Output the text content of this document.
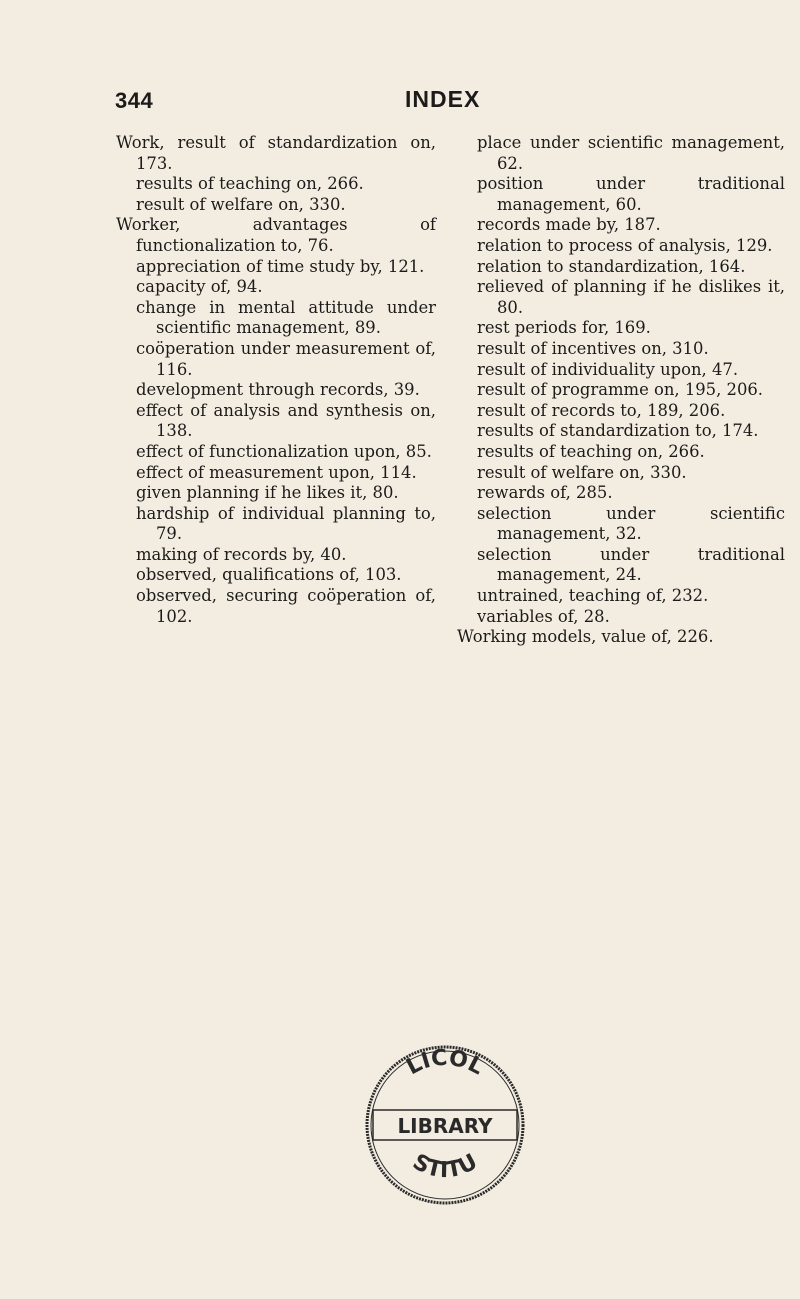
344	INDEX
Work, result of standardization on, 173.
results of teaching on, 266.
result of welfare on, 330.
Worker, advantages of functionalization to, 76.
appreciation of time study by, 121.
capacity of, 94.
change in mental attitude under scientific management, 89.
coöperation under measurement of, 116.
development through records, 39.
effect of analysis and synthesis on, 138.
effect of functionalization upon, 85.
effect of measurement upon, 114.
given planning if he likes it, 80.
hardship of individual planning to, 79.
making of records by, 40.
observed, qualifications of, 103.
observed, securing coöperation of, 102.
place under scientific management, 62.
position under traditional management, 60.
records made by, 187.
relation to process of analysis, 129.
relation to standardization, 164.
relieved of planning if he dislikes it, 80.
rest periods for, 169.
result of incentives on, 310.
result of individuality upon, 47.
result of programme on, 195, 206.
result of records to, 189, 206.
results of standardization to, 174.
results of teaching on, 266.
result of welfare on, 330.
rewards of, 285.
selection under scientific management, 32.
selection under traditional management, 24.
untrained, teaching of, 232.
variables of, 28.
Working models, value of, 226.
LICOL
LIBRARY
STITU
